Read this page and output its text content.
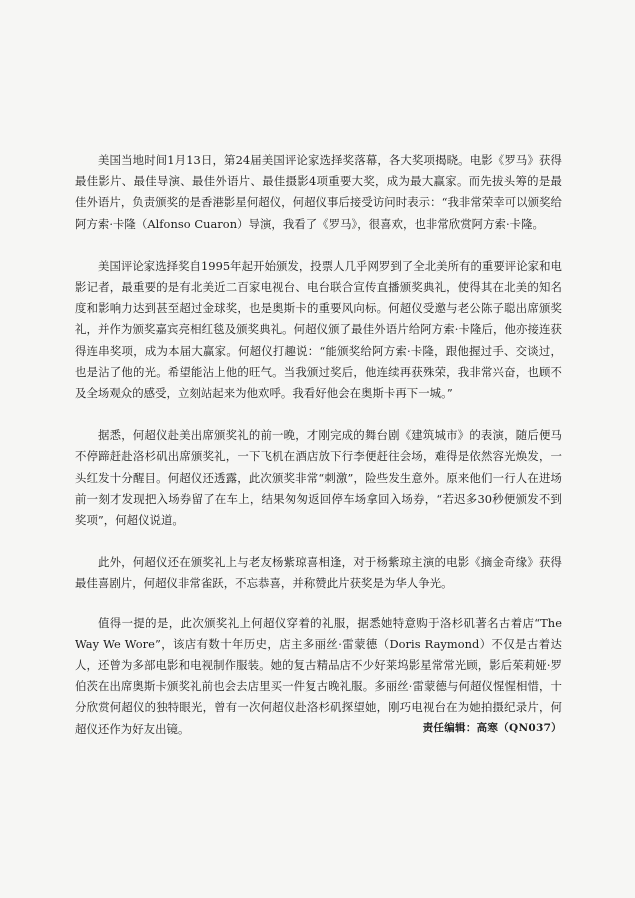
美国当地时间1月13日，第24届美国评论家选择奖落幕，各大奖项揭晓。电影《罗马》获得最佳影片、最佳导演、最佳外语片、最佳摄影4项重要大奖，成为最大赢家。而先拔头筹的是最佳外语片，负责颁奖的是香港影星何超仪，何超仪事后接受访问时表示：“我非常荣幸可以颁奖给阿方索·卡隆（Alfonso Cuaron）导演，我看了《罗马》，很喜欢，也非常欣赏阿方索·卡隆。

美国评论家选择奖自1995年起开始颁发，投票人几乎网罗到了全北美所有的重要评论家和电影记者，最重要的是有北美近二百家电视台、电台联合宣传直播颁奖典礼，使得其在北美的知名度和影响力达到甚至超过金球奖，也是奥斯卡的重要风向标。何超仪受邀与老公陈子聪出席颁奖礼，并作为颁奖嘉宾亮相红毯及颁奖典礼。何超仪颁了最佳外语片给阿方索·卡隆后，他亦接连获得连串奖项，成为本届大赢家。何超仪打趣说：“能颁奖给阿方索·卡隆，跟他握过手、交谈过，也是沾了他的光。希望能沾上他的旺气。当我颁过奖后，他连续再获殊荣，我非常兴奋，也顾不及全场观众的感受，立刻站起来为他欢呼。我看好他会在奥斯卡再下一城。”

据悉，何超仪赴美出席颁奖礼的前一晚，才刚完成的舞台剧《建筑城市》的表演，随后便马不停蹄赶赴洛杉矶出席颁奖礼，一下飞机在酒店放下行李便赶往会场，难得是依然容光焕发，一头红发十分醒目。何超仪还透露，此次颁奖非常“刺激”，险些发生意外。原来他们一行人在进场前一刻才发现把入场券留了在车上，结果匆匆返回停车场拿回入场券，“若迟多30秒便颁发不到奖项”，何超仪说道。

此外，何超仪还在颁奖礼上与老友杨紫琼喜相逢，对于杨紫琼主演的电影《摘金奇缘》获得最佳喜剧片，何超仪非常雀跃，不忘恭喜，并称赞此片获奖是为华人争光。

值得一提的是，此次颁奖礼上何超仪穿着的礼服，据悉她特意购于洛杉矶著名古着店“The Way We Wore”，该店有数十年历史，店主多丽丝·雷蒙德（Doris Raymond）不仅是古着达人，还曾为多部电影和电视制作服装。她的复古精品店不少好莱坞影星常常光顾，影后茱莉娅·罗伯茨在出席奥斯卡颁奖礼前也会去店里买一件复古晚礼服。多丽丝·雷蒙德与何超仪惺惺相惜，十分欣赏何超仪的独特眼光，曾有一次何超仪赴洛杉矶探望她，刚巧电视台在为她拍摄纪录片，何超仪还作为好友出镜。	责任编辑：高寒（QN037）
